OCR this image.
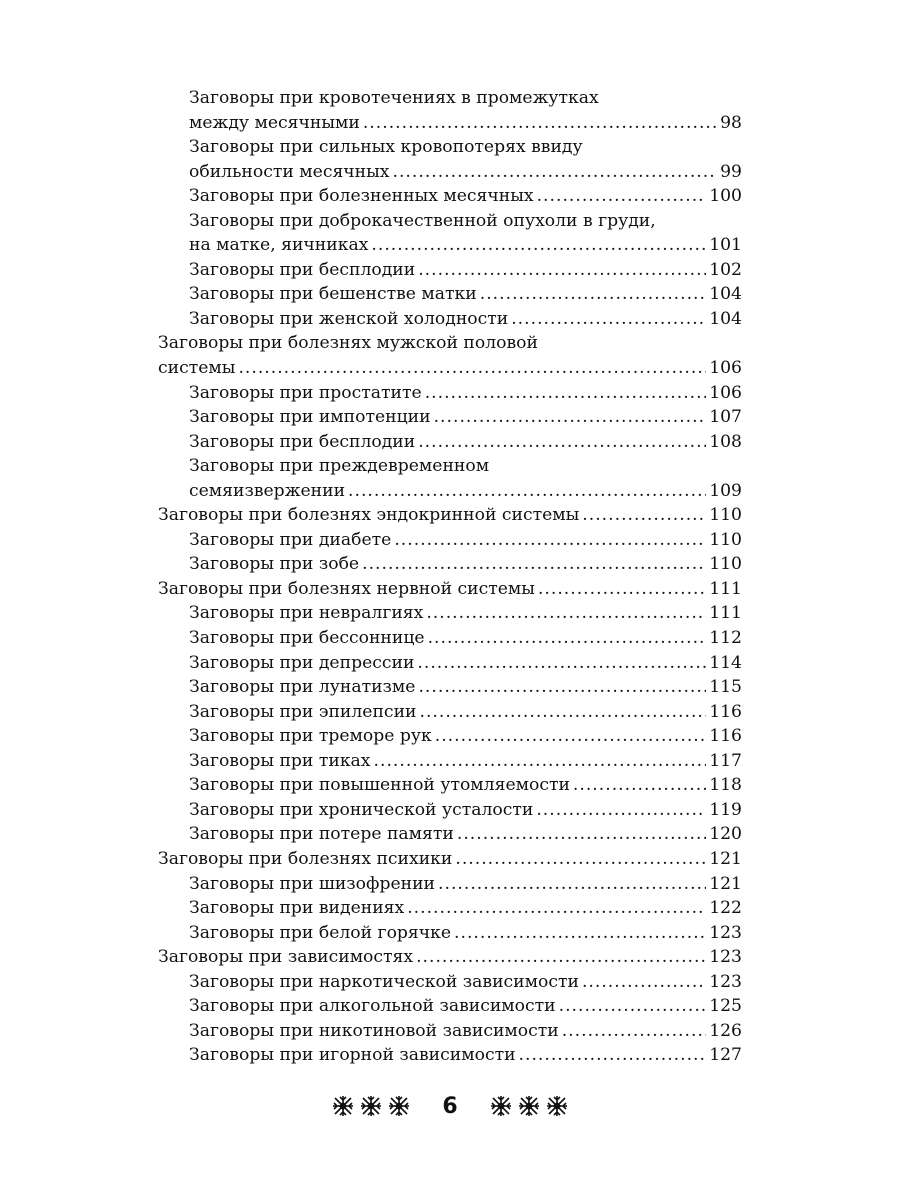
Заговоры при кровотечениях в промежутках
между месячными .....	98
Заговоры при сильных кровопотерях ввиду
обильности месячных .....	99
Заговоры при болезненных месячных .....	100
Заговоры при доброкачественной опухоли в груди,
на матке, яичниках .....	101
Заговоры при бесплодии .....	102
Заговоры при бешенстве матки .....	104
Заговоры при женской холодности .....	104
Заговоры при болезнях мужской половой
системы .....	106
Заговоры при простатите .....	106
Заговоры при импотенции .....	107
Заговоры при бесплодии .....	108
Заговоры при преждевременном
семяизвержении .....	109
Заговоры при болезнях эндокринной системы .....	110
Заговоры при диабете .....	110
Заговоры при зобе .....	110
Заговоры при болезнях нервной системы .....	111
Заговоры при невралгиях .....	111
Заговоры при бессоннице .....	112
Заговоры при депрессии .....	114
Заговоры при лунатизме .....	115
Заговоры при эпилепсии .....	116
Заговоры при треморе рук .....	116
Заговоры при тиках .....	117
Заговоры при повышенной утомляемости .....	118
Заговоры при хронической усталости .....	119
Заговоры при потере памяти .....	120
Заговоры при болезнях психики .....	121
Заговоры при шизофрении .....	121
Заговоры при видениях .....	122
Заговоры при белой горячке .....	123
Заговоры при зависимостях .....	123
Заговоры при наркотической зависимости .....	123
Заговоры при алкогольной зависимости .....	125
Заговоры при никотиновой зависимости .....	126
Заговоры при игорной зависимости .....	127
6
